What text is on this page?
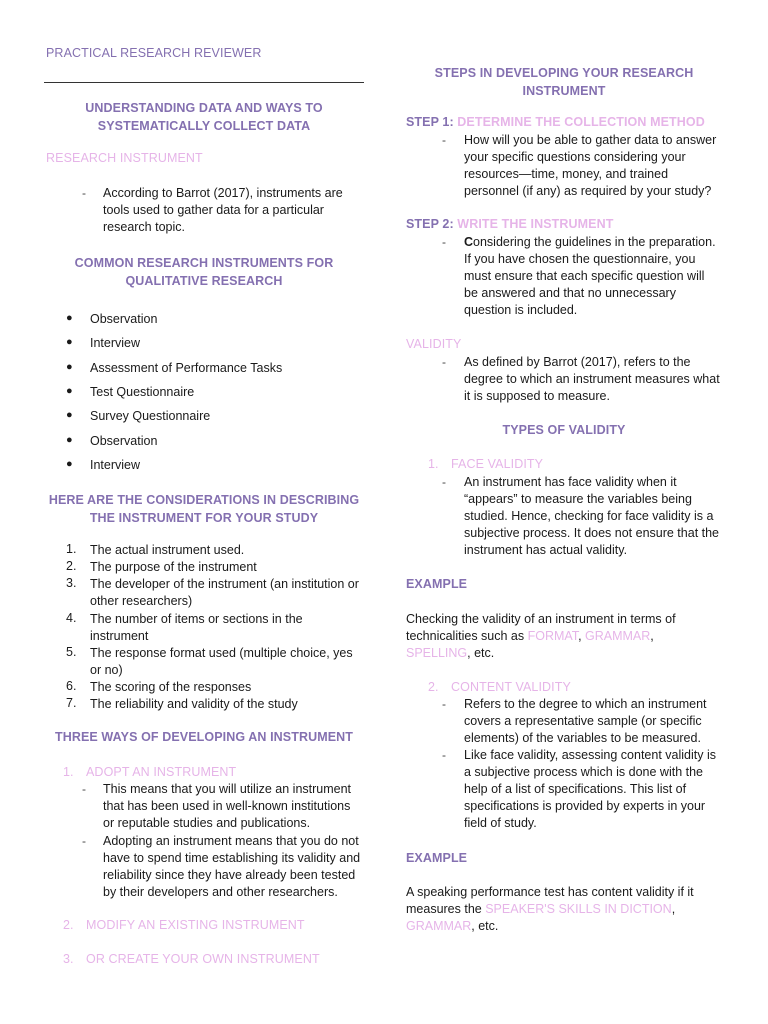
PRACTICAL RESEARCH REVIEWER
UNDERSTANDING DATA AND WAYS TO
SYSTEMATICALLY COLLECT DATA
RESEARCH INSTRUMENT
- According to Barrot (2017), instruments are
tools used to gather data for a particular
research topic.
COMMON RESEARCH INSTRUMENTS FOR
QUALITATIVE RESEARCH
● Observation
● Interview
● Assessment of Performance Tasks
● Test Questionnaire
● Survey Questionnaire
● Observation
● Interview
HERE ARE THE CONSIDERATIONS IN DESCRIBING
THE INSTRUMENT FOR YOUR STUDY
1. The actual instrument used.
2. The purpose of the instrument
3. The developer of the instrument (an institution or
other researchers)
4. The number of items or sections in the
instrument
5. The response format used (multiple choice, yes
or no)
6. The scoring of the responses
7. The reliability and validity of the study
THREE WAYS OF DEVELOPING AN INSTRUMENT
1. ADOPT AN INSTRUMENT
- This means that you will utilize an instrument
that has been used in well-known institutions
or reputable studies and publications.
- Adopting an instrument means that you do not
have to spend time establishing its validity and
reliability since they have already been tested
by their developers and other researchers.
2. MODIFY AN EXISTING INSTRUMENT
3. OR CREATE YOUR OWN INSTRUMENT
STEPS IN DEVELOPING YOUR RESEARCH
INSTRUMENT
STEP 1: DETERMINE THE COLLECTION METHOD
- How will you be able to gather data to answer
your specific questions considering your
resources—time, money, and trained
personnel (if any) as required by your study?
STEP 2: WRITE THE INSTRUMENT
- Considering the guidelines in the preparation.
If you have chosen the questionnaire, you
must ensure that each specific question will
be answered and that no unnecessary
question is included.
VALIDITY
- As defined by Barrot (2017), refers to the
degree to which an instrument measures what
it is supposed to measure.
TYPES OF VALIDITY
1. FACE VALIDITY
- An instrument has face validity when it
“appears” to measure the variables being
studied. Hence, checking for face validity is a
subjective process. It does not ensure that the
instrument has actual validity.
EXAMPLE
Checking the validity of an instrument in terms of
technicalities such as FORMAT, GRAMMAR,
SPELLING, etc.
2. CONTENT VALIDITY
- Refers to the degree to which an instrument
covers a representative sample (or specific
elements) of the variables to be measured.
- Like face validity, assessing content validity is
a subjective process which is done with the
help of a list of specifications. This list of
specifications is provided by experts in your
field of study.
EXAMPLE
A speaking performance test has content validity if it
measures the SPEAKER'S SKILLS IN DICTION,
GRAMMAR, etc.
